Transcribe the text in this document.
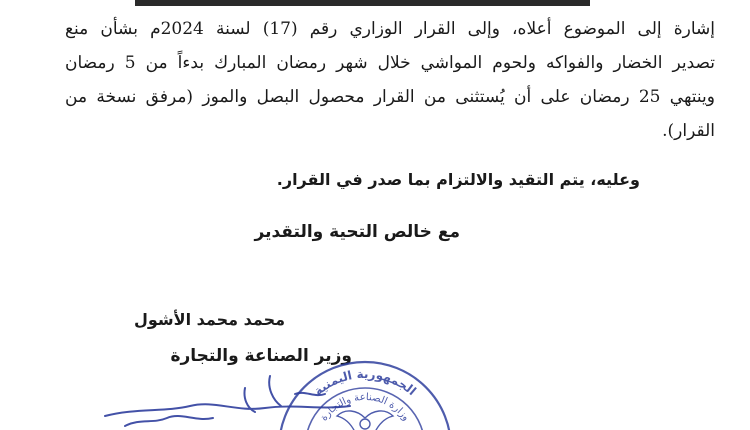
إشارة إلى الموضوع أعلاه، وإلى القرار الوزاري رقم (17) لسنة 2024م بشأن منع
تصدير الخضار والفواكه ولحوم المواشي خلال شهر رمضان المبارك بدءاً من 5 رمضان
وينتهي 25 رمضان على أن يُستثنى من القرار محصول البصل والموز (مرفق نسخة من
القرار).
وعليه، يتم التقيد والالتزام بما صدر في القرار.
مع خالص التحية والتقدير
محمد محمد الأشول
وزير الصناعة والتجارة
الجمهورية اليمنية
وزارة الصناعة والتجارة
